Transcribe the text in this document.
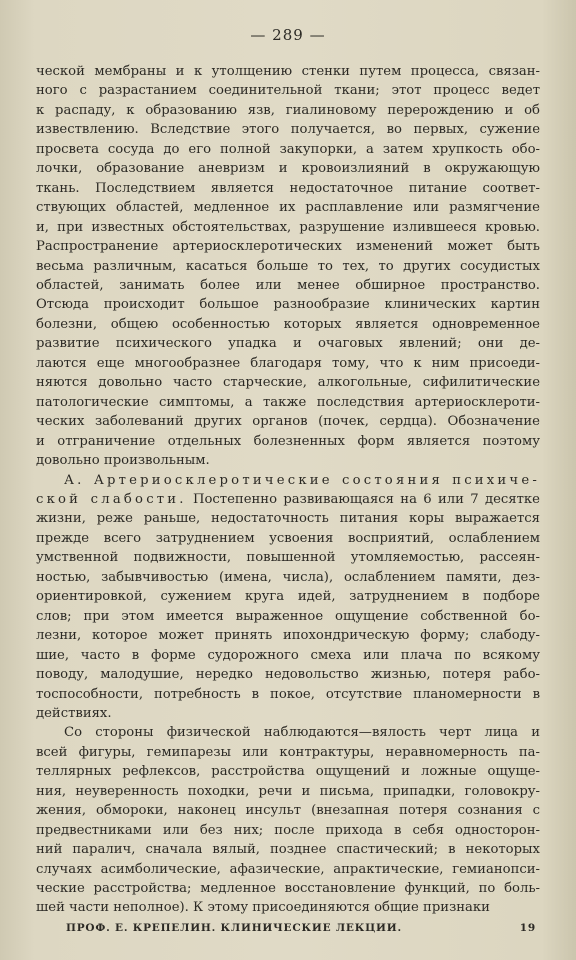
— 289 —
ческой мембраны и к утолщению стенки путем процесса, связан-
ного с разрастанием соединительной ткани; этот процесс ведет
к распаду, к образованию язв, гиалиновому перерождению и об
извествлению. Вследствие этого получается, во первых, сужение
просвета сосуда до его полной закупорки, а затем хрупкость обо-
лочки, образование аневризм и кровоизлияний в окружающую
ткань. Последствием является недостаточное питание соответ-
ствующих областей, медленное их расплавление или размягчение
и, при известных обстоятельствах, разрушение излившееся кровью.
Распространение артериосклеротических изменений может быть
весьма различным, касаться больше то тех, то других сосудистых
областей, занимать более или менее обширное пространство.
Отсюда происходит большое разнообразие клинических картин
болезни, общею особенностью которых является одновременное
развитие психического упадка и очаговых явлений; они де-
лаются еще многообразнее благодаря тому, что к ним присоеди-
няются довольно часто старческие, алкогольные, сифилитические
патологические симптомы, а также последствия артериосклероти-
ческих заболеваний других органов (почек, сердца). Обозначение
и отграничение отдельных болезненных форм является поэтому
довольно произвольным.
А. Артериосклеротические состояния психиче-
ской слабости. Постепенно развивающаяся на 6 или 7 десятке
жизни, реже раньше, недостаточность питания коры выражается
прежде всего затруднением усвоения восприятий, ослаблением
умственной подвижности, повышенной утомляемостью, рассеян-
ностью, забывчивостью (имена, числа), ослаблением памяти, дез-
ориентировкой, сужением круга идей, затруднением в подборе
слов; при этом имеется выраженное ощущение собственной бо-
лезни, которое может принять ипохондрическую форму; слабоду-
шие, часто в форме судорожного смеха или плача по всякому
поводу, малодушие, нередко недовольство жизнью, потеря рабо-
тоспособности, потребность в покое, отсутствие планомерности в
действиях.
Со стороны физической наблюдаются—вялость черт лица и
всей фигуры, гемипарезы или контрактуры, неравномерность па-
теллярных рефлексов, расстройства ощущений и ложные ощуще-
ния, неуверенность походки, речи и письма, припадки, головокру-
жения, обмороки, наконец инсульт (внезапная потеря сознания с
предвестниками или без них; после прихода в себя односторон-
ний паралич, сначала вялый, позднее спастический; в некоторых
случаях асимболические, афазические, апрактические, гемианопси-
ческие расстройства; медленное восстановление функций, по боль-
шей части неполное). К этому присоединяются общие признаки
ПРОФ. Е. КРЕПЕЛИН. КЛИНИЧЕСКИЕ ЛЕКЦИИ.	19
